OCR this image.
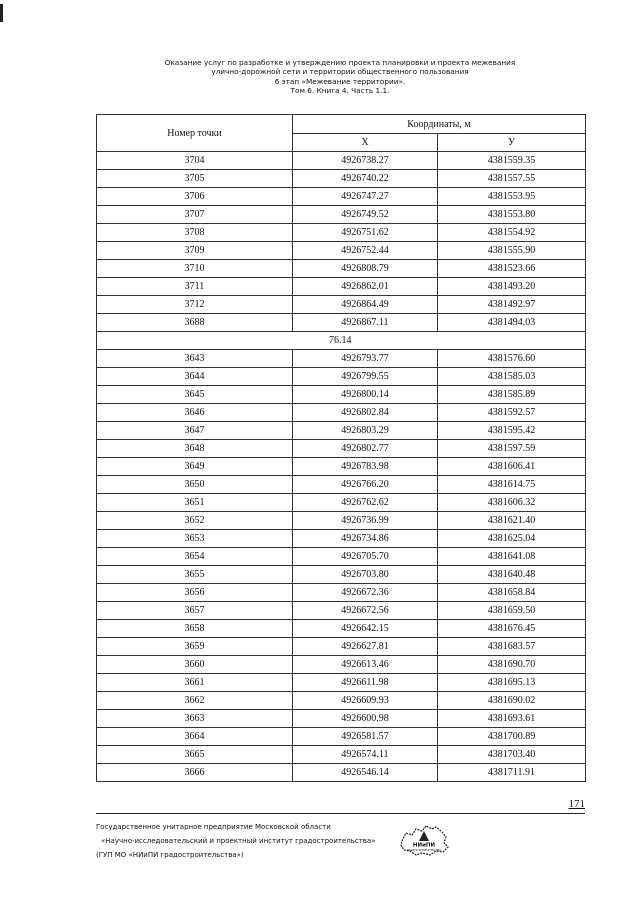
Оказание услуг по разработке и утверждению проекта планировки и проекта межевания
улично-дорожной сети и территории общественного пользования
6 этап «Межевание территории».
Том 6. Книга 4. Часть 1.1.
Номер точки	Координаты, м	
	X	У
3704	4926738.27	4381559.35
3705	4926740.22	4381557.55
3706	4926747.27	4381553.95
3707	4926749.52	4381553.80
3708	4926751.62	4381554.92
3709	4926752.44	4381555.90
3710	4926808.79	4381523.66
3711	4926862.01	4381493.20
3712	4926864.49	4381492.97
3688	4926867.11	4381494.03
76.14		
3643	4926793.77	4381576.60
3644	4926799.55	4381585.03
3645	4926800.14	4381585.89
3646	4926802.84	4381592.57
3647	4926803.29	4381595.42
3648	4926802.77	4381597.59
3649	4926783.98	4381606.41
3650	4926766.20	4381614.75
3651	4926762.62	4381606.32
3652	4926736.99	4381621.40
3653	4926734.86	4381625.04
3654	4926705.70	4381641.08
3655	4926703.80	4381640.48
3656	4926672.36	4381658.84
3657	4926672.56	4381659.50
3658	4926642.15	4381676.45
3659	4926627.81	4381683.57
3660	4926613.46	4381690.70
3661	4926611.98	4381695.13
3662	4926609.93	4381690.02
3663	4926600.98	4381693.61
3664	4926581.57	4381700.89
3665	4926574.11	4381703.40
3666	4926546.14	4381711.91
171
Государственное унитарное предприятие Московской области
«Научно-исследовательский и проектный институт градостроительства»
(ГУП МО «НИиПИ градостроительства»)
НИиПИ
ГРАДОСТРОИТЕЛЬСТВА
